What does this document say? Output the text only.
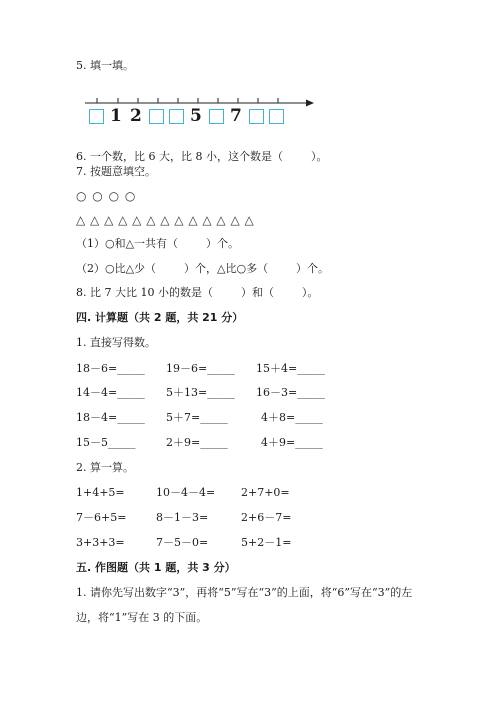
5. 填一填。
1 2	5 7
6. 一个数，比 6 大，比 8 小，这个数是（        ）。
7. 按题意填空。
○ ○ ○ ○
△ △ △ △ △ △ △ △ △ △ △ △ △
（1）○和△一共有（        ）个。
（2）○比△少（        ）个，△比○多（        ）个。
8. 比 7 大比 10 小的数是（        ）和（        ）。
四. 计算题（共 2 题，共 21 分）
1. 直接写得数。
18－6=_____ 19－6=_____ 15＋4=_____
14－4=_____ 5＋13=_____ 16－3=_____
18－4=_____ 5＋7=_____	4＋8=_____
15－5_____	2＋9=_____	4＋9=_____
2. 算一算。
1+4+5=	10－4－4= 2+7+0=
7－6+5=	8－1－3=	2+6－7=
3+3+3=	7－5－0=	5+2－1=
五. 作图题（共 1 题，共 3 分）
1. 请你先写出数字“3”，再将“5”写在“3”的上面，将“6”写在“3”的左
边，将“1”写在 3 的下面。
